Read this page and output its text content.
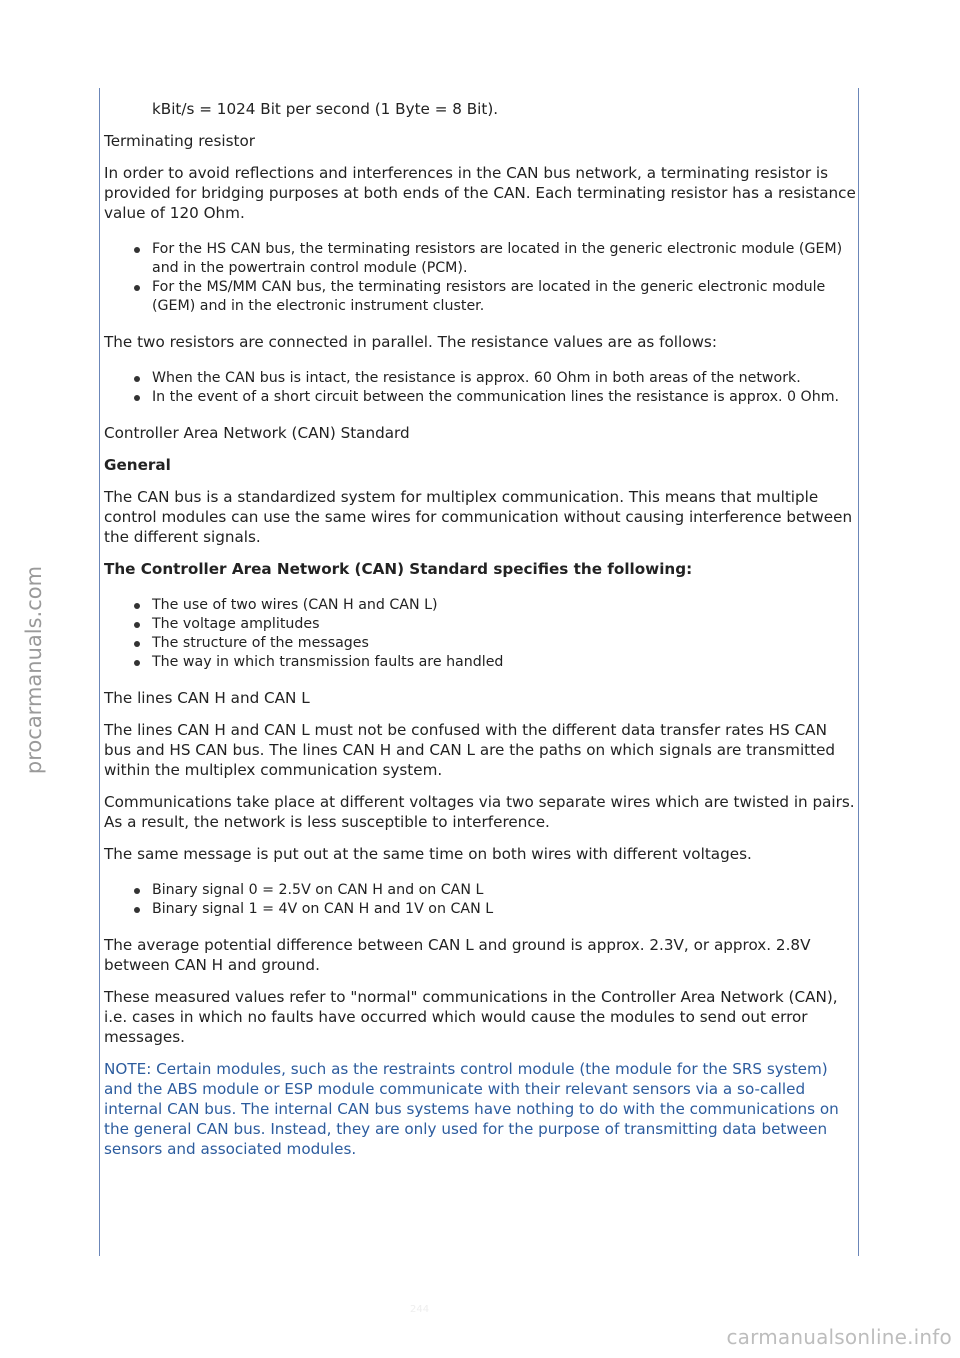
procarmanuals.com

kBit/s = 1024 Bit per second (1 Byte = 8 Bit).

Terminating resistor

In order to avoid reflections and interferences in the CAN bus network, a terminating resistor is provided for bridging purposes at both ends of the CAN. Each terminating resistor has a resistance value of 120 Ohm.

For the HS CAN bus, the terminating resistors are located in the generic electronic module (GEM) and in the powertrain control module (PCM).
For the MS/MM CAN bus, the terminating resistors are located in the generic electronic module (GEM) and in the electronic instrument cluster.

The two resistors are connected in parallel. The resistance values are as follows:

When the CAN bus is intact, the resistance is approx. 60 Ohm in both areas of the network.
In the event of a short circuit between the communication lines the resistance is approx. 0 Ohm.

Controller Area Network (CAN) Standard

General

The CAN bus is a standardized system for multiplex communication. This means that multiple control modules can use the same wires for communication without causing interference between the different signals.

The Controller Area Network (CAN) Standard specifies the following:

The use of two wires (CAN H and CAN L)
The voltage amplitudes
The structure of the messages
The way in which transmission faults are handled

The lines CAN H and CAN L

The lines CAN H and CAN L must not be confused with the different data transfer rates HS CAN bus and HS CAN bus. The lines CAN H and CAN L are the paths on which signals are transmitted within the multiplex communication system.

Communications take place at different voltages via two separate wires which are twisted in pairs. As a result, the network is less susceptible to interference.

The same message is put out at the same time on both wires with different voltages.

Binary signal 0 = 2.5V on CAN H and on CAN L
Binary signal 1 = 4V on CAN H and 1V on CAN L

The average potential difference between CAN L and ground is approx. 2.3V, or approx. 2.8V between CAN H and ground.

These measured values refer to "normal" communications in the Controller Area Network (CAN), i.e. cases in which no faults have occurred which would cause the modules to send out error messages.

NOTE: Certain modules, such as the restraints control module (the module for the SRS system) and the ABS module or ESP module communicate with their relevant sensors via a so-called internal CAN bus. The internal CAN bus systems have nothing to do with the communications on the general CAN bus. Instead, they are only used for the purpose of transmitting data between sensors and associated modules.

244
carmanualsonline.info
